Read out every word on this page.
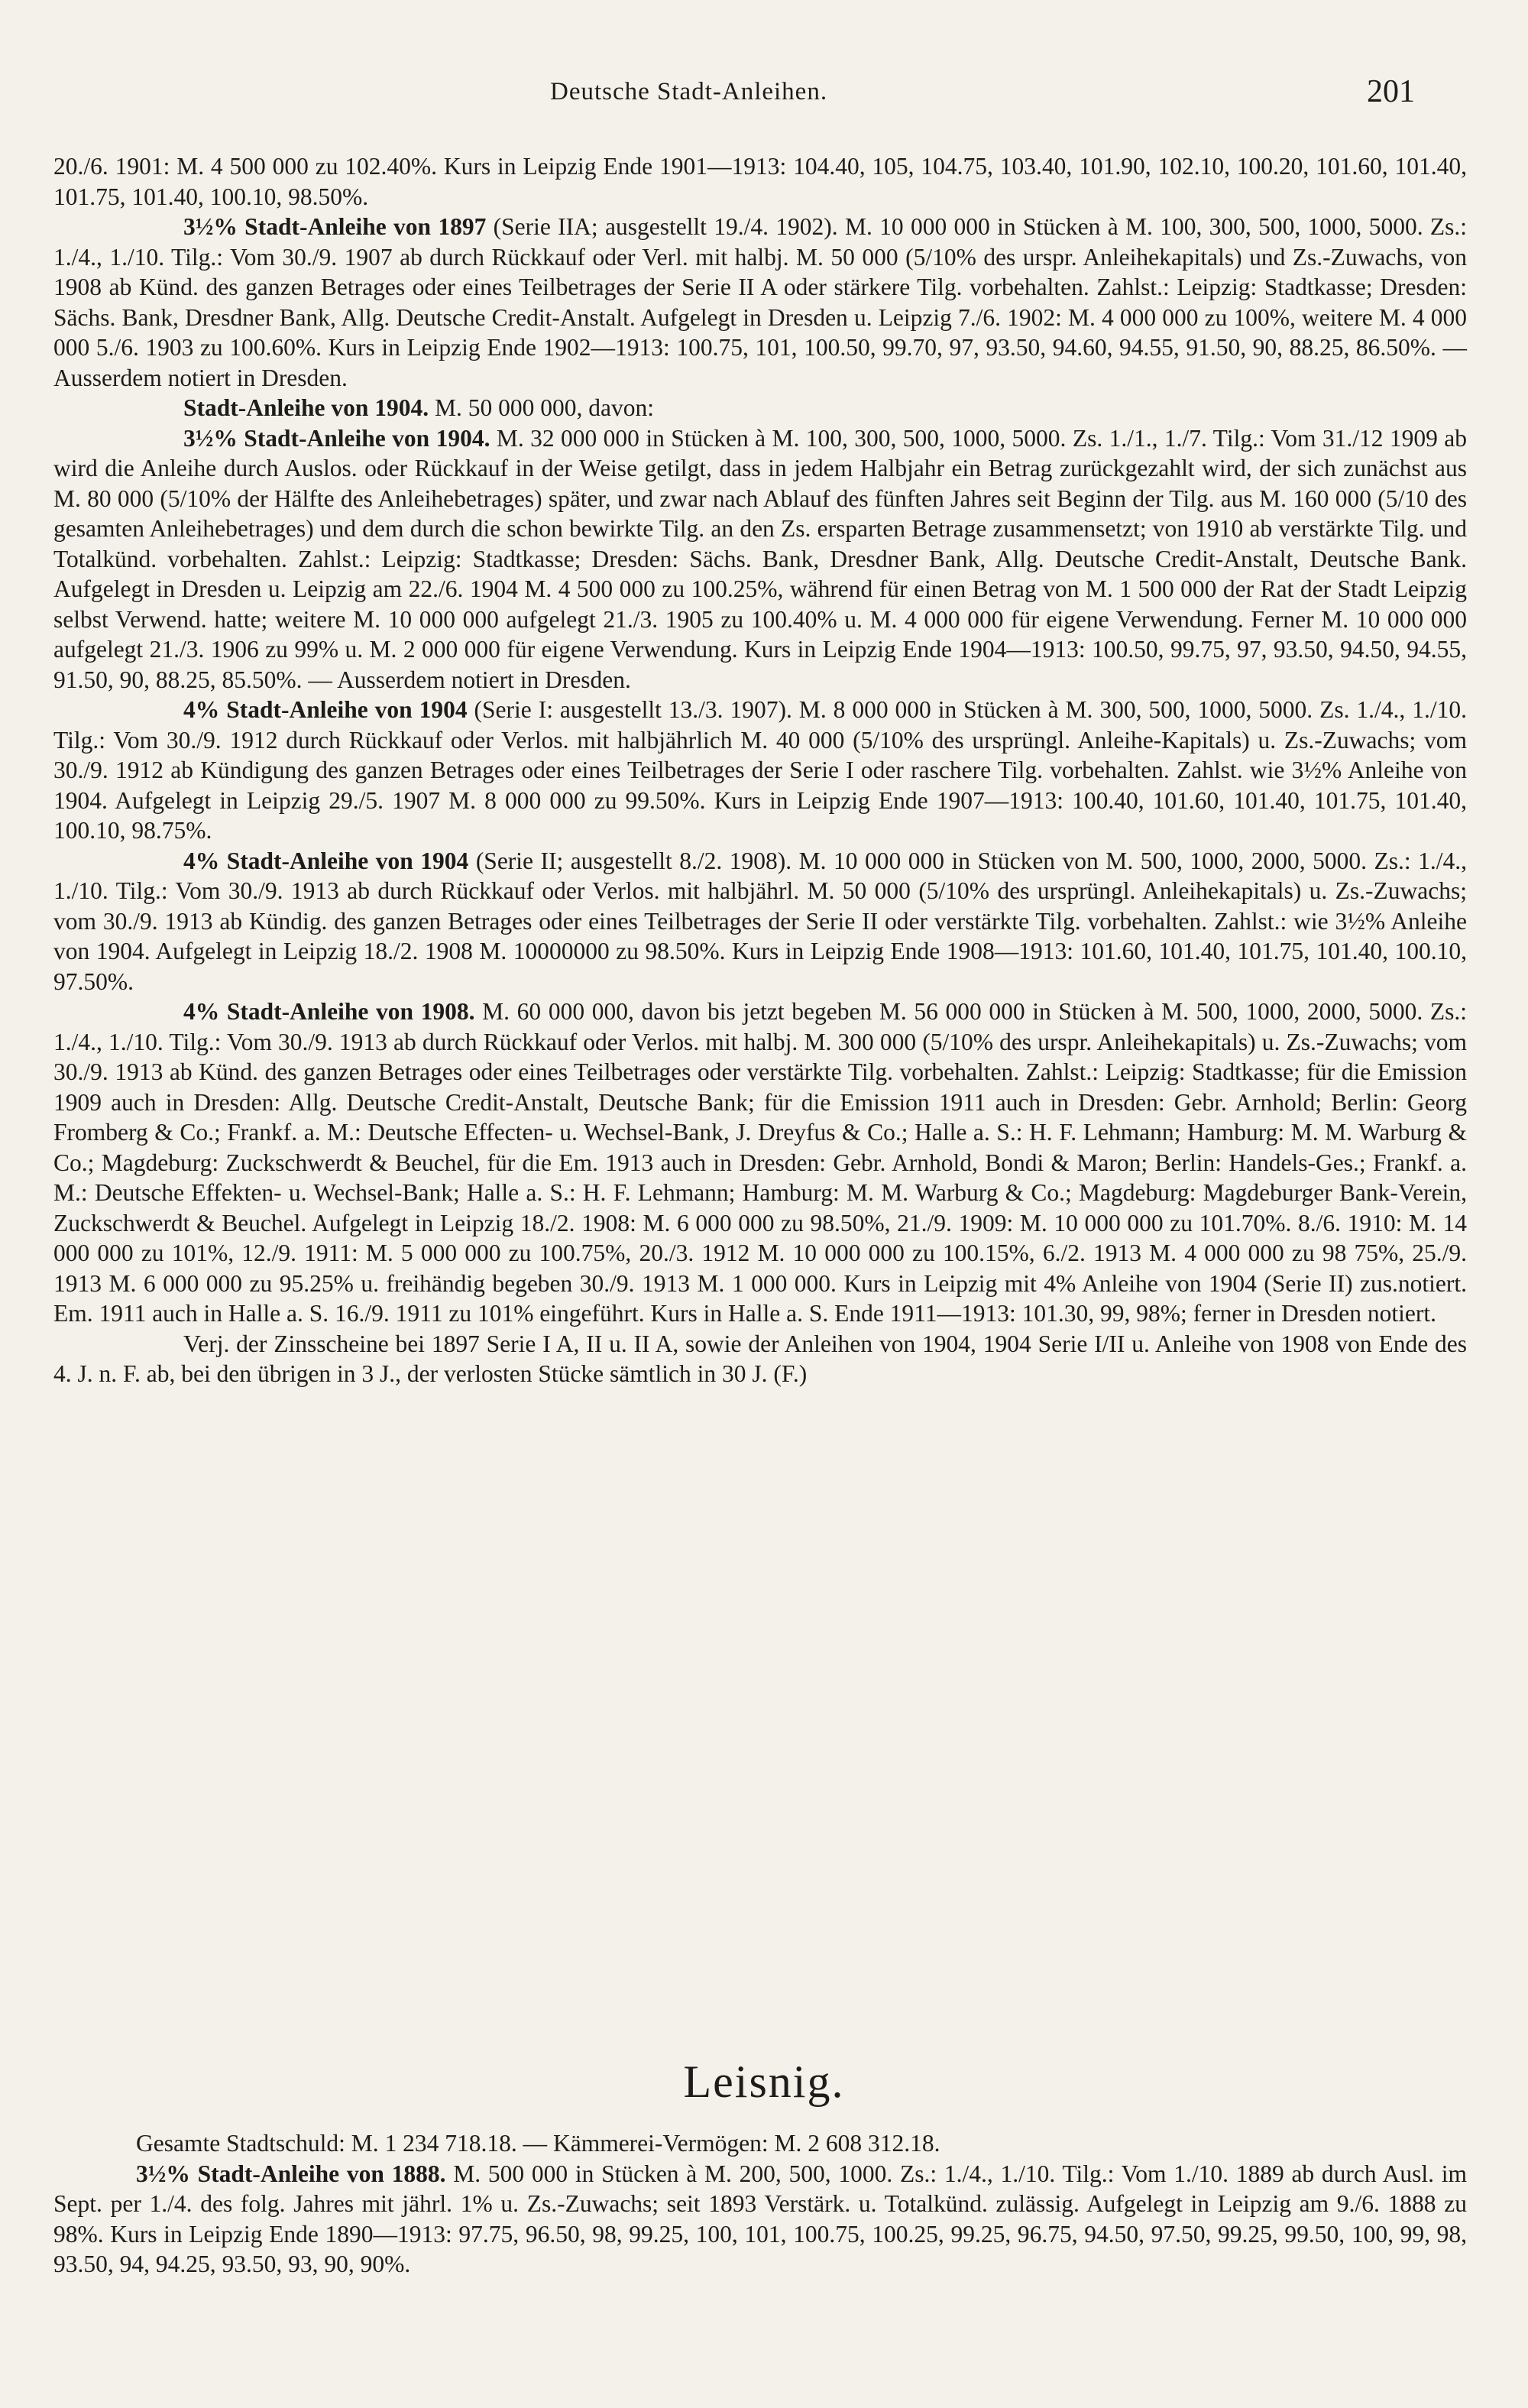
Deutsche Stadt-Anleihen.	201

20./6. 1901: M. 4 500 000 zu 102.40%. Kurs in Leipzig Ende 1901—1913: 104.40, 105, 104.75, 103.40, 101.90, 102.10, 100.20, 101.60, 101.40, 101.75, 101.40, 100.10, 98.50%.

3½% Stadt-Anleihe von 1897 (Serie IIA; ausgestellt 19./4. 1902). M. 10 000 000 in Stücken à M. 100, 300, 500, 1000, 5000. Zs.: 1./4., 1./10. Tilg.: Vom 30./9. 1907 ab durch Rückkauf oder Verl. mit halbj. M. 50 000 (5/10% des urspr. Anleihekapitals) und Zs.-Zuwachs, von 1908 ab Künd. des ganzen Betrages oder eines Teilbetrages der Serie II A oder stärkere Tilg. vorbehalten. Zahlst.: Leipzig: Stadtkasse; Dresden: Sächs. Bank, Dresdner Bank, Allg. Deutsche Credit-Anstalt. Aufgelegt in Dresden u. Leipzig 7./6. 1902: M. 4 000 000 zu 100%, weitere M. 4 000 000 5./6. 1903 zu 100.60%. Kurs in Leipzig Ende 1902—1913: 100.75, 101, 100.50, 99.70, 97, 93.50, 94.60, 94.55, 91.50, 90, 88.25, 86.50%. — Ausserdem notiert in Dresden.

Stadt-Anleihe von 1904. M. 50 000 000, davon:

3½% Stadt-Anleihe von 1904. M. 32 000 000 in Stücken à M. 100, 300, 500, 1000, 5000. Zs. 1./1., 1./7. Tilg.: Vom 31./12 1909 ab wird die Anleihe durch Auslos. oder Rückkauf in der Weise getilgt, dass in jedem Halbjahr ein Betrag zurückgezahlt wird, der sich zunächst aus M. 80 000 (5/10% der Hälfte des Anleihebetrages) später, und zwar nach Ablauf des fünften Jahres seit Beginn der Tilg. aus M. 160 000 (5/10 des gesamten Anleihebetrages) und dem durch die schon bewirkte Tilg. an den Zs. ersparten Betrage zusammensetzt; von 1910 ab verstärkte Tilg. und Totalkünd. vorbehalten. Zahlst.: Leipzig: Stadtkasse; Dresden: Sächs. Bank, Dresdner Bank, Allg. Deutsche Credit-Anstalt, Deutsche Bank. Aufgelegt in Dresden u. Leipzig am 22./6. 1904 M. 4 500 000 zu 100.25%, während für einen Betrag von M. 1 500 000 der Rat der Stadt Leipzig selbst Verwend. hatte; weitere M. 10 000 000 aufgelegt 21./3. 1905 zu 100.40% u. M. 4 000 000 für eigene Verwendung. Ferner M. 10 000 000 aufgelegt 21./3. 1906 zu 99% u. M. 2 000 000 für eigene Verwendung. Kurs in Leipzig Ende 1904—1913: 100.50, 99.75, 97, 93.50, 94.50, 94.55, 91.50, 90, 88.25, 85.50%. — Ausserdem notiert in Dresden.

4% Stadt-Anleihe von 1904 (Serie I: ausgestellt 13./3. 1907). M. 8 000 000 in Stücken à M. 300, 500, 1000, 5000. Zs. 1./4., 1./10. Tilg.: Vom 30./9. 1912 durch Rückkauf oder Verlos. mit halbjährlich M. 40 000 (5/10% des ursprüngl. Anleihe-Kapitals) u. Zs.-Zuwachs; vom 30./9. 1912 ab Kündigung des ganzen Betrages oder eines Teilbetrages der Serie I oder raschere Tilg. vorbehalten. Zahlst. wie 3½% Anleihe von 1904. Aufgelegt in Leipzig 29./5. 1907 M. 8 000 000 zu 99.50%. Kurs in Leipzig Ende 1907—1913: 100.40, 101.60, 101.40, 101.75, 101.40, 100.10, 98.75%.

4% Stadt-Anleihe von 1904 (Serie II; ausgestellt 8./2. 1908). M. 10 000 000 in Stücken von M. 500, 1000, 2000, 5000. Zs.: 1./4., 1./10. Tilg.: Vom 30./9. 1913 ab durch Rückkauf oder Verlos. mit halbjährl. M. 50 000 (5/10% des ursprüngl. Anleihekapitals) u. Zs.-Zuwachs; vom 30./9. 1913 ab Kündig. des ganzen Betrages oder eines Teilbetrages der Serie II oder verstärkte Tilg. vorbehalten. Zahlst.: wie 3½% Anleihe von 1904. Aufgelegt in Leipzig 18./2. 1908 M. 10000000 zu 98.50%. Kurs in Leipzig Ende 1908—1913: 101.60, 101.40, 101.75, 101.40, 100.10, 97.50%.

4% Stadt-Anleihe von 1908. M. 60 000 000, davon bis jetzt begeben M. 56 000 000 in Stücken à M. 500, 1000, 2000, 5000. Zs.: 1./4., 1./10. Tilg.: Vom 30./9. 1913 ab durch Rückkauf oder Verlos. mit halbj. M. 300 000 (5/10% des urspr. Anleihekapitals) u. Zs.-Zuwachs; vom 30./9. 1913 ab Künd. des ganzen Betrages oder eines Teilbetrages oder verstärkte Tilg. vorbehalten. Zahlst.: Leipzig: Stadtkasse; für die Emission 1909 auch in Dresden: Allg. Deutsche Credit-Anstalt, Deutsche Bank; für die Emission 1911 auch in Dresden: Gebr. Arnhold; Berlin: Georg Fromberg & Co.; Frankf. a. M.: Deutsche Effecten- u. Wechsel-Bank, J. Dreyfus & Co.; Halle a. S.: H. F. Lehmann; Hamburg: M. M. Warburg & Co.; Magdeburg: Zuckschwerdt & Beuchel, für die Em. 1913 auch in Dresden: Gebr. Arnhold, Bondi & Maron; Berlin: Handels-Ges.; Frankf. a. M.: Deutsche Effekten- u. Wechsel-Bank; Halle a. S.: H. F. Lehmann; Hamburg: M. M. Warburg & Co.; Magdeburg: Magdeburger Bank-Verein, Zuckschwerdt & Beuchel. Aufgelegt in Leipzig 18./2. 1908: M. 6 000 000 zu 98.50%, 21./9. 1909: M. 10 000 000 zu 101.70%. 8./6. 1910: M. 14 000 000 zu 101%, 12./9. 1911: M. 5 000 000 zu 100.75%, 20./3. 1912 M. 10 000 000 zu 100.15%, 6./2. 1913 M. 4 000 000 zu 98 75%, 25./9. 1913 M. 6 000 000 zu 95.25% u. freihändig begeben 30./9. 1913 M. 1 000 000. Kurs in Leipzig mit 4% Anleihe von 1904 (Serie II) zus.notiert. Em. 1911 auch in Halle a. S. 16./9. 1911 zu 101% eingeführt. Kurs in Halle a. S. Ende 1911—1913: 101.30, 99, 98%; ferner in Dresden notiert.

Verj. der Zinsscheine bei 1897 Serie I A, II u. II A, sowie der Anleihen von 1904, 1904 Serie I/II u. Anleihe von 1908 von Ende des 4. J. n. F. ab, bei den übrigen in 3 J., der verlosten Stücke sämtlich in 30 J. (F.)

Leisnig.

Gesamte Stadtschuld: M. 1 234 718.18. — Kämmerei-Vermögen: M. 2 608 312.18.

3½% Stadt-Anleihe von 1888. M. 500 000 in Stücken à M. 200, 500, 1000. Zs.: 1./4., 1./10. Tilg.: Vom 1./10. 1889 ab durch Ausl. im Sept. per 1./4. des folg. Jahres mit jährl. 1% u. Zs.-Zuwachs; seit 1893 Verstärk. u. Totalkünd. zulässig. Aufgelegt in Leipzig am 9./6. 1888 zu 98%. Kurs in Leipzig Ende 1890—1913: 97.75, 96.50, 98, 99.25, 100, 101, 100.75, 100.25, 99.25, 96.75, 94.50, 97.50, 99.25, 99.50, 100, 99, 98, 93.50, 94, 94.25, 93.50, 93, 90, 90%.
